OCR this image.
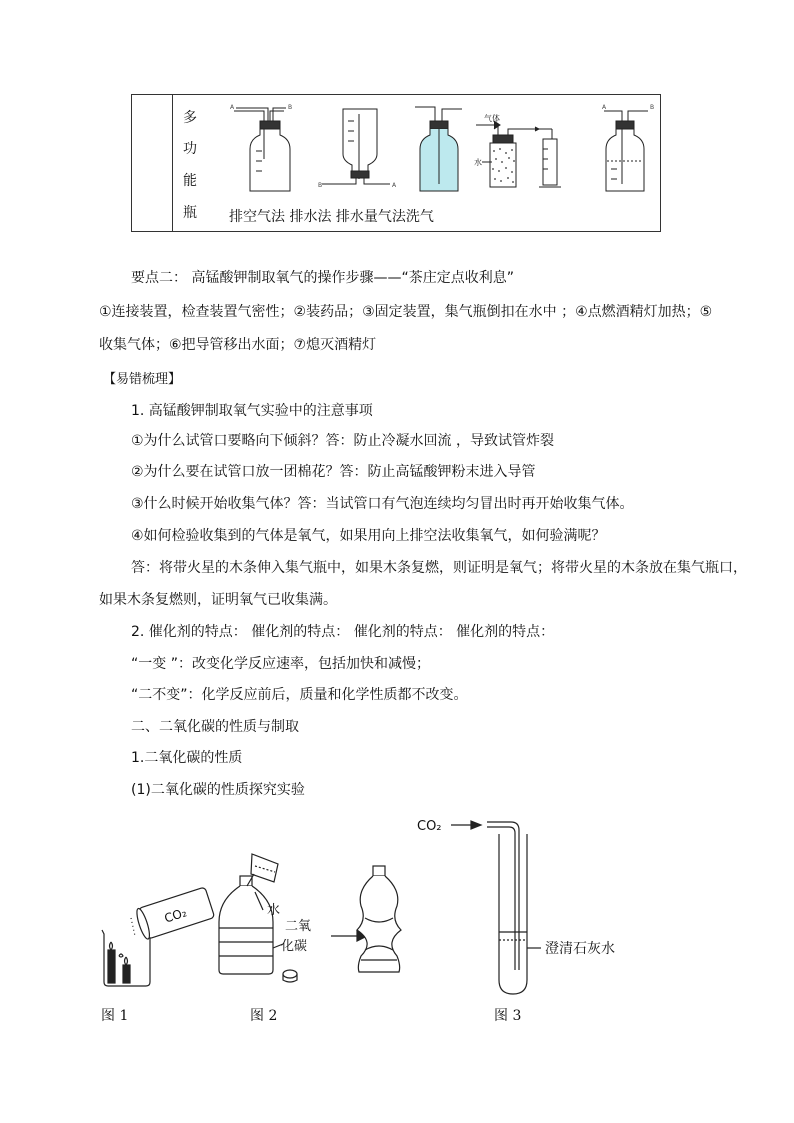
多
功
能
瓶
A	B
B	A
气体
水
A	B
排空气法 排水法 排水量气法洗气
要点二： 高锰酸钾制取氧气的操作步骤——“茶庄定点收利息”
①连接装置，检查装置气密性；②装药品；③固定装置，集气瓶倒扣在水中 ；④点燃酒精灯加热；⑤
收集气体；⑥把导管移出水面；⑦熄灭酒精灯
【易错梳理】
1. 高锰酸钾制取氧气实验中的注意事项
①为什么试管口要略向下倾斜？答：防止冷凝水回流 ，导致试管炸裂
②为什么要在试管口放一团棉花？答：防止高锰酸钾粉末进入导管
③什么时候开始收集气体？答：当试管口有气泡连续均匀冒出时再开始收集气体。
④如何检验收集到的气体是氧气，如果用向上排空法收集氧气，如何验满呢？
答：将带火星的木条伸入集气瓶中，如果木条复燃，则证明是氧气；将带火星的木条放在集气瓶口，
如果木条复燃则，证明氧气已收集满。
2. 催化剂的特点： 催化剂的特点： 催化剂的特点： 催化剂的特点：
“一变 ”：改变化学反应速率，包括加快和减慢；
“二不变”：化学反应前后，质量和化学性质都不改变。
二、二氧化碳的性质与制取
1.二氧化碳的性质
(1)二氧化碳的性质探究实验
CO₂	水
二氧
化碳
CO₂
澄清石灰水
图 1	图 2	图 3
